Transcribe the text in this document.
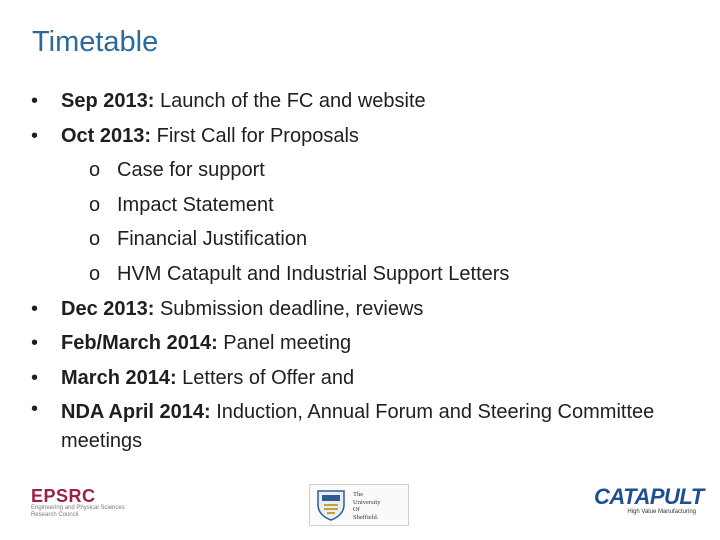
Timetable
• Sep 2013: Launch of the FC and website
• Oct 2013: First Call for Proposals
o Case for support
o Impact Statement
o Financial Justification
o HVM Catapult and Industrial Support Letters
• Dec 2013: Submission deadline, reviews
• Feb/March 2014: Panel meeting
• March 2014: Letters of Offer and
• NDA April 2014: Induction, Annual Forum and Steering Committee meetings
EPSRC
Engineering and Physical Sciences
Research Council
The
University
Of
Sheffield.
CATAPULT
High Value Manufacturing
